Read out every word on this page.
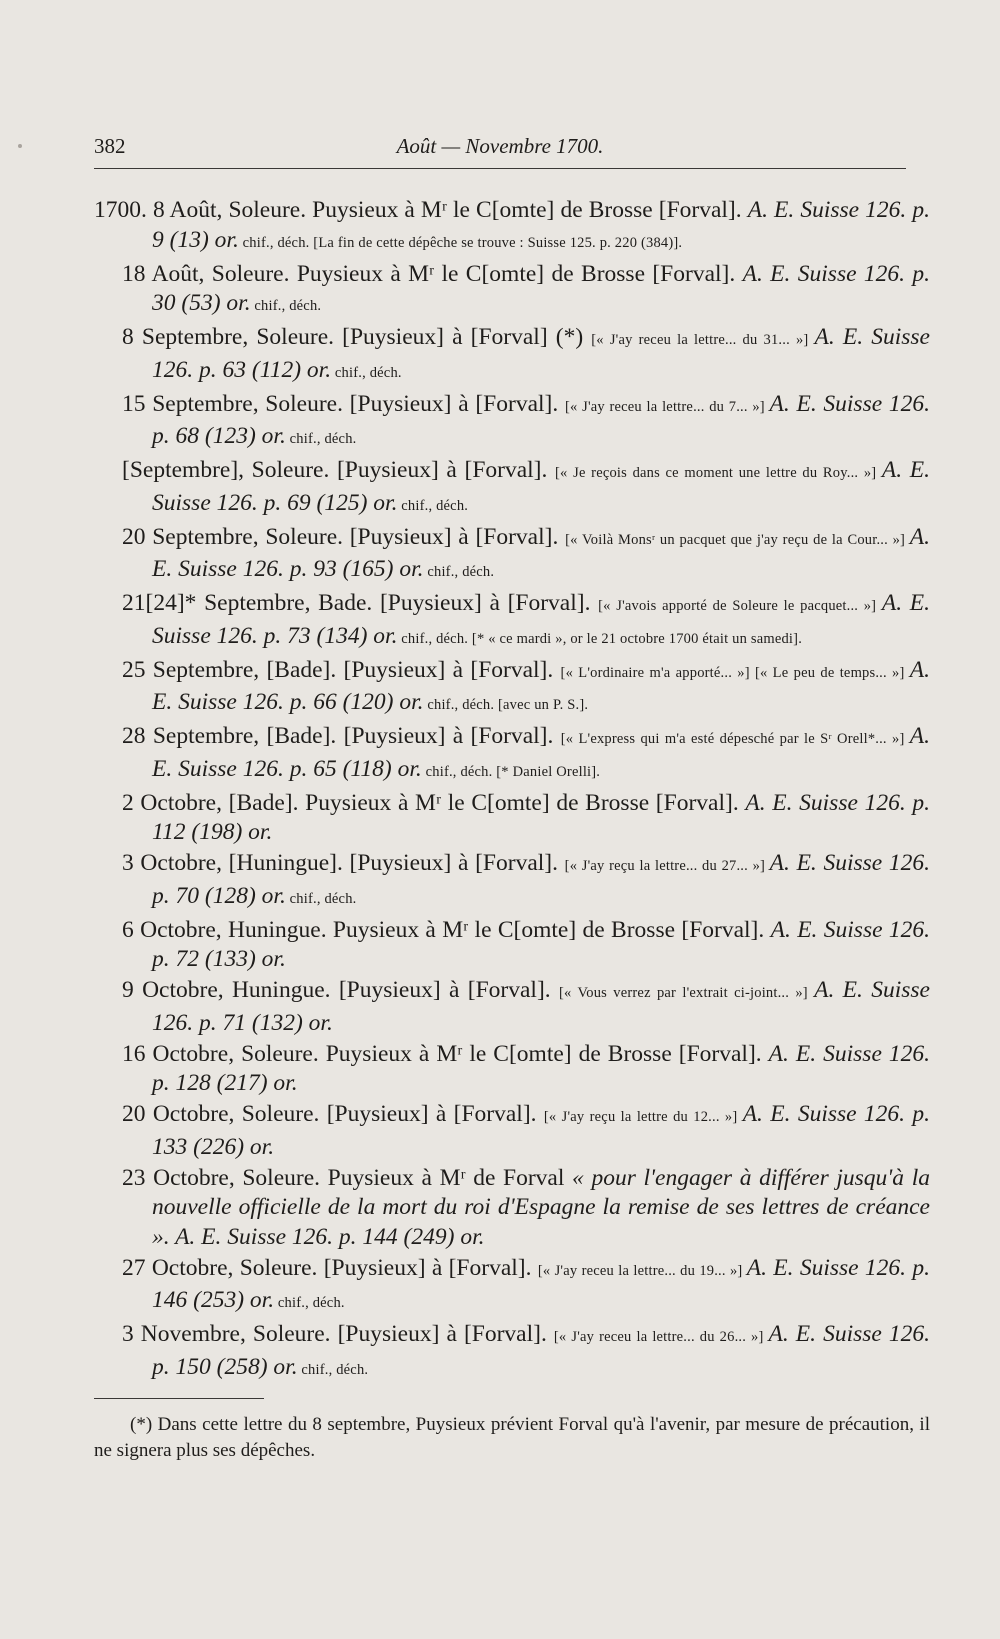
382	Août — Novembre 1700.
1700. 8 Août, Soleure. Puysieux à Mʳ le C[omte] de Brosse [Forval]. A. E. Suisse 126. p. 9 (13) or. chif., déch. [La fin de cette dépêche se trouve : Suisse 125. p. 220 (384)].
18 Août, Soleure. Puysieux à Mʳ le C[omte] de Brosse [Forval]. A. E. Suisse 126. p. 30 (53) or. chif., déch.
8 Septembre, Soleure. [Puysieux] à [Forval] (*) [« J'ay receu la lettre... du 31... »] A. E. Suisse 126. p. 63 (112) or. chif., déch.
15 Septembre, Soleure. [Puysieux] à [Forval]. [« J'ay receu la lettre... du 7... »] A. E. Suisse 126. p. 68 (123) or. chif., déch.
[Septembre], Soleure. [Puysieux] à [Forval]. [« Je reçois dans ce moment une lettre du Roy... »] A. E. Suisse 126. p. 69 (125) or. chif., déch.
20 Septembre, Soleure. [Puysieux] à [Forval]. [« Voilà Monsʳ un pacquet que j'ay reçu de la Cour... »] A. E. Suisse 126. p. 93 (165) or. chif., déch.
21[24]* Septembre, Bade. [Puysieux] à [Forval]. [« J'avois apporté de Soleure le pacquet... »] A. E. Suisse 126. p. 73 (134) or. chif., déch. [* « ce mardi », or le 21 octobre 1700 était un samedi].
25 Septembre, [Bade]. [Puysieux] à [Forval]. [« L'ordinaire m'a apporté... »] [« Le peu de temps... »] A. E. Suisse 126. p. 66 (120) or. chif., déch. [avec un P. S.].
28 Septembre, [Bade]. [Puysieux] à [Forval]. [« L'express qui m'a esté dépesché par le Sʳ Orell*... »] A. E. Suisse 126. p. 65 (118) or. chif., déch. [* Daniel Orelli].
2 Octobre, [Bade]. Puysieux à Mʳ le C[omte] de Brosse [Forval]. A. E. Suisse 126. p. 112 (198) or.
3 Octobre, [Huningue]. [Puysieux] à [Forval]. [« J'ay reçu la lettre... du 27... »] A. E. Suisse 126. p. 70 (128) or. chif., déch.
6 Octobre, Huningue. Puysieux à Mʳ le C[omte] de Brosse [Forval]. A. E. Suisse 126. p. 72 (133) or.
9 Octobre, Huningue. [Puysieux] à [Forval]. [« Vous verrez par l'extrait ci-joint... »] A. E. Suisse 126. p. 71 (132) or.
16 Octobre, Soleure. Puysieux à Mʳ le C[omte] de Brosse [Forval]. A. E. Suisse 126. p. 128 (217) or.
20 Octobre, Soleure. [Puysieux] à [Forval]. [« J'ay reçu la lettre du 12... »] A. E. Suisse 126. p. 133 (226) or.
23 Octobre, Soleure. Puysieux à Mʳ de Forval « pour l'engager à différer jusqu'à la nouvelle officielle de la mort du roi d'Espagne la remise de ses lettres de créance ». A. E. Suisse 126. p. 144 (249) or.
27 Octobre, Soleure. [Puysieux] à [Forval]. [« J'ay receu la lettre... du 19... »] A. E. Suisse 126. p. 146 (253) or. chif., déch.
3 Novembre, Soleure. [Puysieux] à [Forval]. [« J'ay receu la lettre... du 26... »] A. E. Suisse 126. p. 150 (258) or. chif., déch.
(*) Dans cette lettre du 8 septembre, Puysieux prévient Forval qu'à l'avenir, par mesure de précaution, il ne signera plus ses dépêches.
